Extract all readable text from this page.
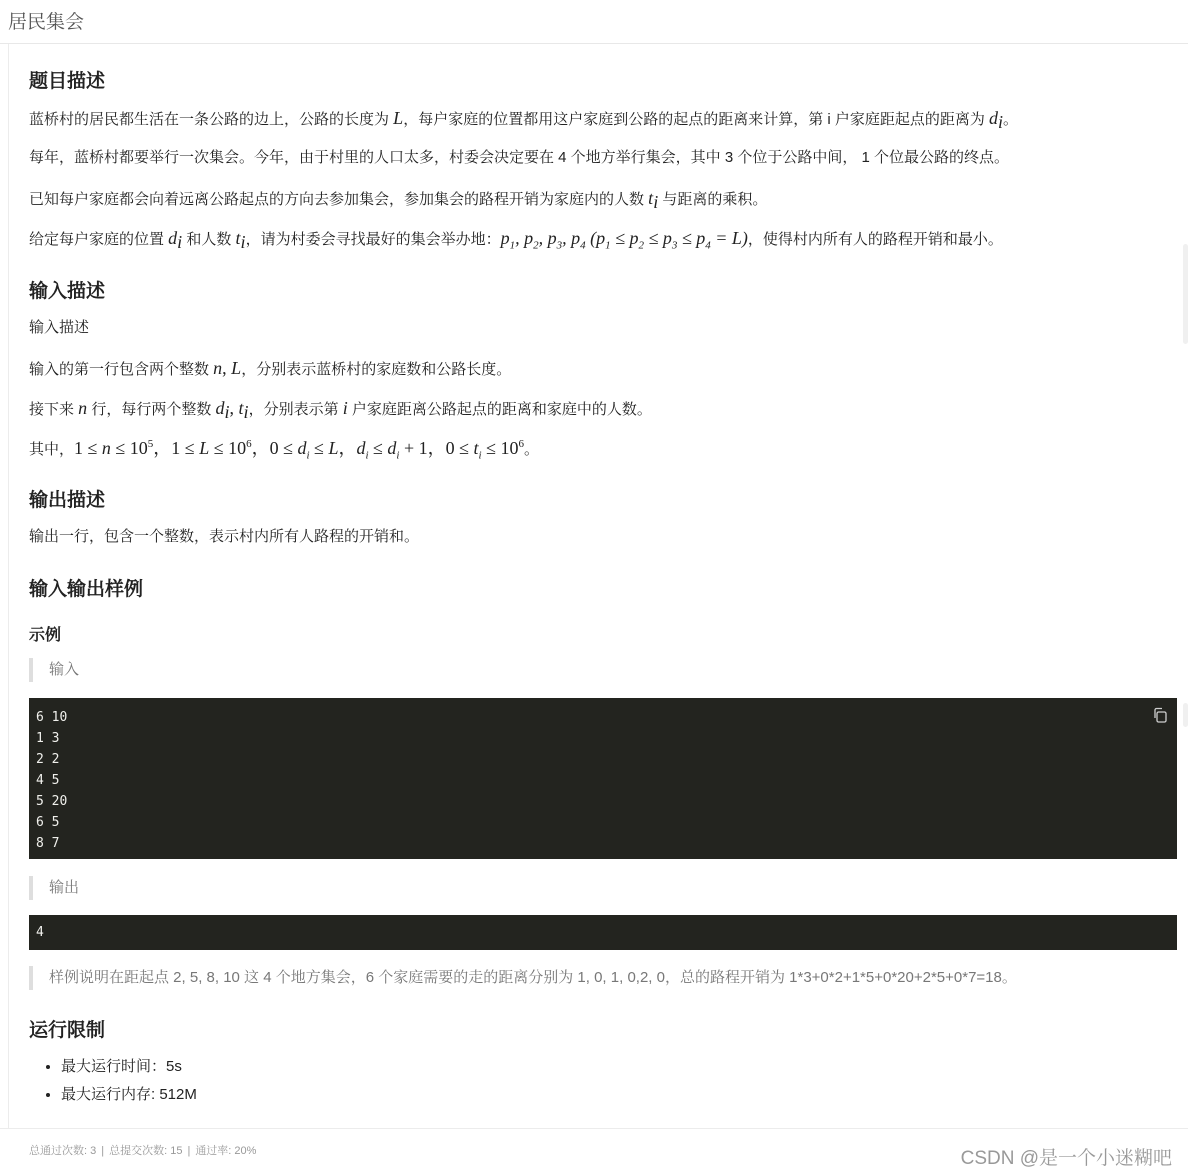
居民集会
题目描述
蓝桥村的居民都生活在一条公路的边上，公路的长度为 L，每户家庭的位置都用这户家庭到公路的起点的距离来计算，第 i 户家庭距起点的距离为 $d_i$。
每年，蓝桥村都要举行一次集会。今年，由于村里的人口太多，村委会决定要在 4 个地方举行集会，其中 3 个位于公路中间， 1 个位最公路的终点。
已知每户家庭都会向着远离公路起点的方向去参加集会，参加集会的路程开销为家庭内的人数 $t_i$ 与距离的乘积。
给定每户家庭的位置 $d_i$ 和人数 $t_i$，请为村委会寻找最好的集会举办地：$p_1$, $p_2$, $p_3$, $p_4$ $(p_1 \le p_2 \le p_3 \le p_4 = L)$，使得村内所有人的路程开销和最小。
输入描述
输入描述
输入的第一行包含两个整数 n, L，分别表示蓝桥村的家庭数和公路长度。
接下来 n 行，每行两个整数 $d_i$, $t_i$，分别表示第 i 户家庭距离公路起点的距离和家庭中的人数。
其中，$1 \le n \le 10^5$，$1 \le L \le 10^6$，$0 \le d_i \le L$，$d_i \le d_i + 1$，$0 \le t_i \le 10^6$。
输出描述
输出一行，包含一个整数，表示村内所有人路程的开销和。
输入输出样例
示例
输入
6 10
1 3
2 2
4 5
5 20
6 5
8 7
输出
4
样例说明在距起点 2, 5, 8, 10 这 4 个地方集会，6 个家庭需要的走的距离分别为 1, 0, 1, 0,2, 0，总的路程开销为 1*3+0*2+1*5+0*20+2*5+0*7=18。
运行限制
• 最大运行时间：5s
• 最大运行内存: 512M
总通过次数: 3 | 总提交次数: 15 | 通过率: 20%	CSDN @是一个小迷糊吧
